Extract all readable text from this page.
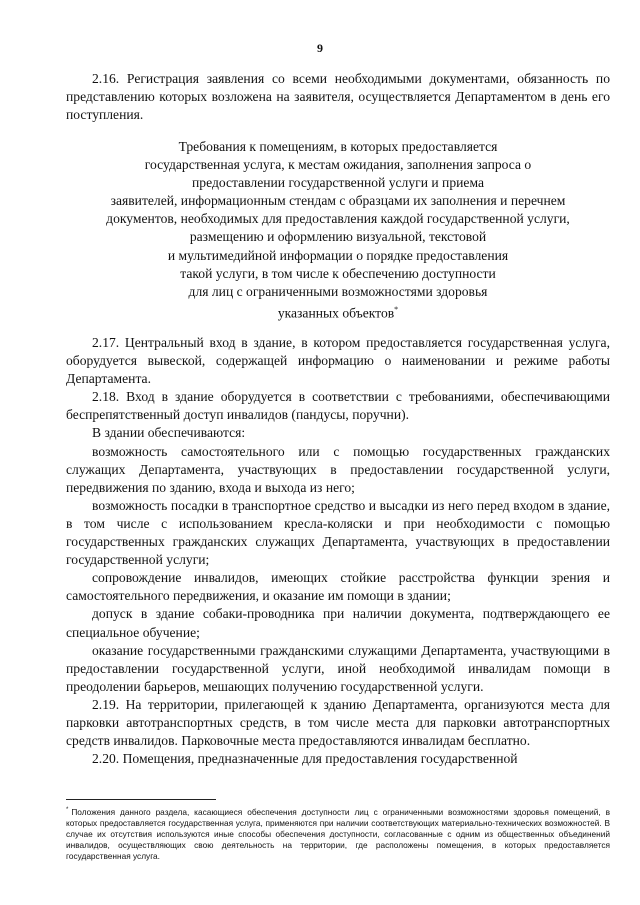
9

2.16. Регистрация заявления со всеми необходимыми документами, обязанность по представлению которых возложена на заявителя, осуществляется Департаментом в день его поступления.

Требования к помещениям, в которых предоставляется
государственная услуга, к местам ожидания, заполнения запроса о
предоставлении государственной услуги и приема
заявителей, информационным стендам с образцами их заполнения и перечнем
документов, необходимых для предоставления каждой государственной услуги,
размещению и оформлению визуальной, текстовой
и мультимедийной информации о порядке предоставления
такой услуги, в том числе к обеспечению доступности
для лиц с ограниченными возможностями здоровья
указанных объектов*

2.17. Центральный вход в здание, в котором предоставляется государственная услуга, оборудуется вывеской, содержащей информацию о наименовании и режиме работы Департамента.

2.18. Вход в здание оборудуется в соответствии с требованиями, обеспечивающими беспрепятственный доступ инвалидов (пандусы, поручни).

В здании обеспечиваются:

возможность самостоятельного или с помощью государственных гражданских служащих Департамента, участвующих в предоставлении государственной услуги, передвижения по зданию, входа и выхода из него;

возможность посадки в транспортное средство и высадки из него перед входом в здание, в том числе с использованием кресла-коляски и при необходимости с помощью государственных гражданских служащих Департамента, участвующих в предоставлении государственной услуги;

сопровождение инвалидов, имеющих стойкие расстройства функции зрения и самостоятельного передвижения, и оказание им помощи в здании;

допуск в здание собаки-проводника при наличии документа, подтверждающего ее специальное обучение;

оказание государственными гражданскими служащими Департамента, участвующими в предоставлении государственной услуги, иной необходимой инвалидам помощи в преодолении барьеров, мешающих получению государственной услуги.

2.19. На территории, прилегающей к зданию Департамента, организуются места для парковки автотранспортных средств, в том числе места для парковки автотранспортных средств инвалидов. Парковочные места предоставляются инвалидам бесплатно.

2.20. Помещения, предназначенные для предоставления государственной

* Положения данного раздела, касающиеся обеспечения доступности лиц с ограниченными возможностями здоровья помещений, в которых предоставляется государственная услуга, применяются при наличии соответствующих материально-технических возможностей. В случае их отсутствия используются иные способы обеспечения доступности, согласованные с одним из общественных объединений инвалидов, осуществляющих свою деятельность на территории, где расположены помещения, в которых предоставляется государственная услуга.
